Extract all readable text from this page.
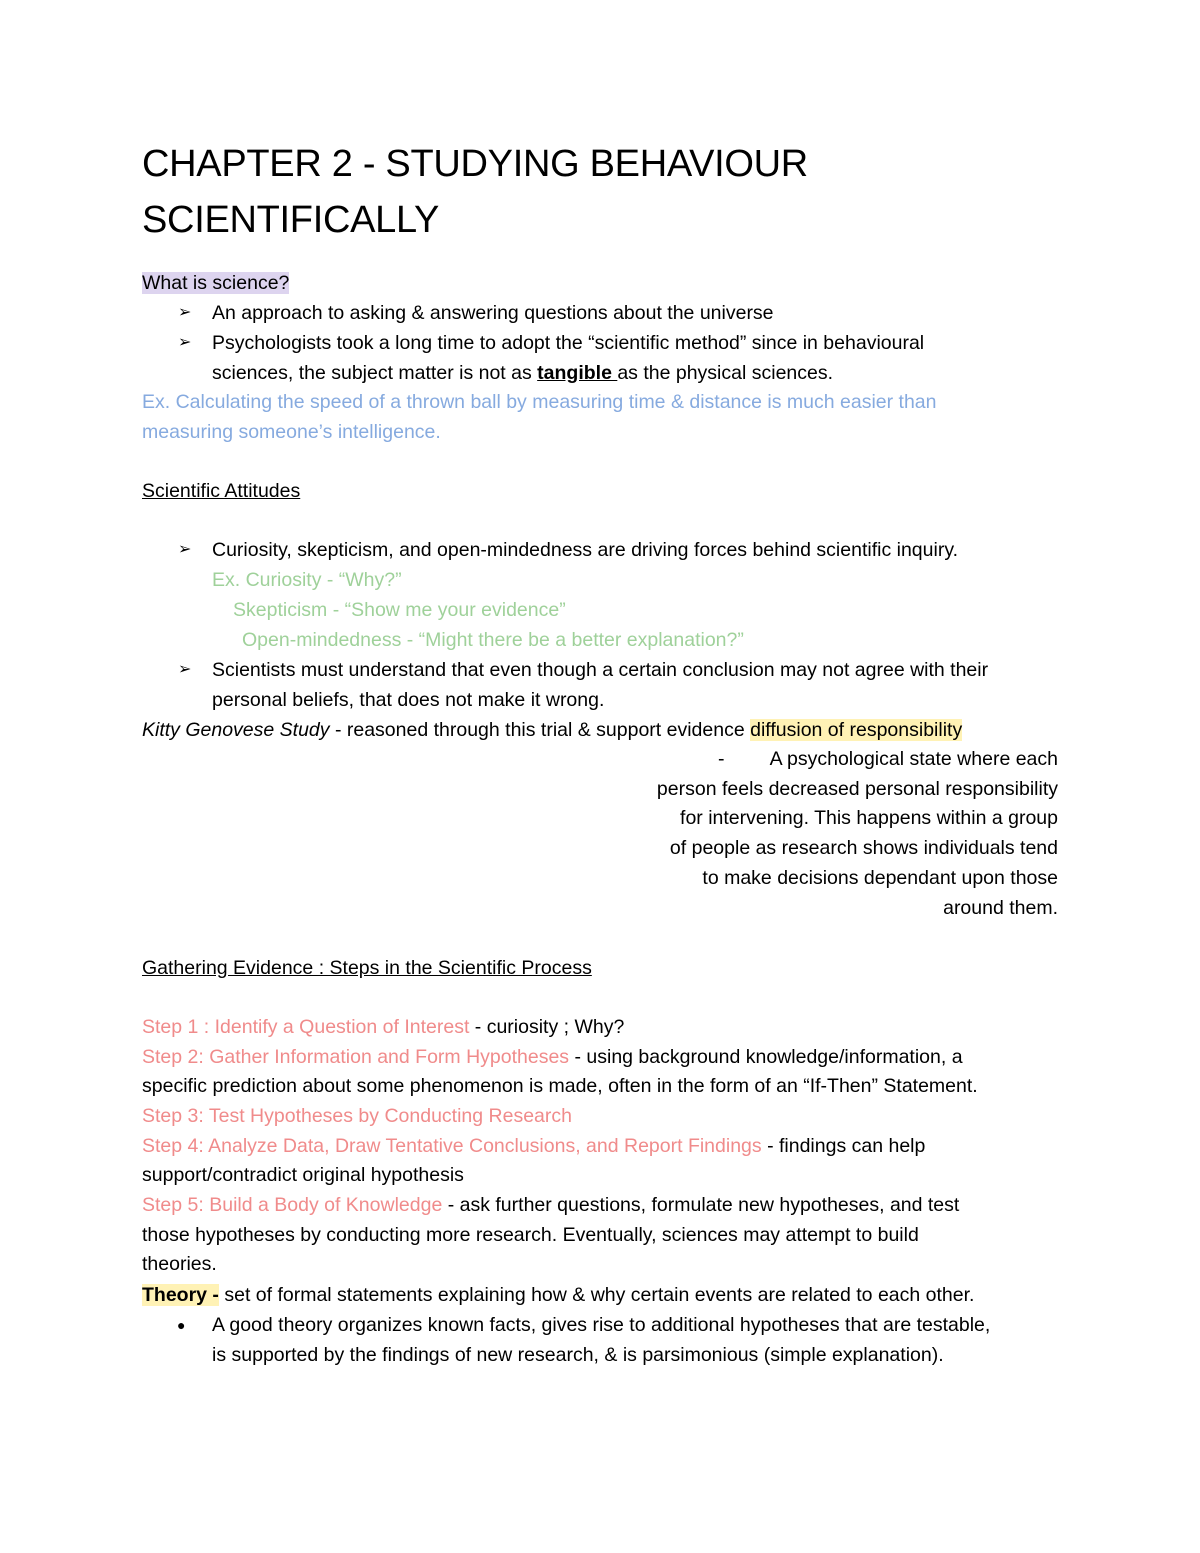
CHAPTER 2 - STUDYING BEHAVIOUR
SCIENTIFICALLY
What is science?
➢ An approach to asking & answering questions about the universe
➢ Psychologists took a long time to adopt the “scientific method” since in behavioural
sciences, the subject matter is not as tangible as the physical sciences.
Ex. Calculating the speed of a thrown ball by measuring time & distance is much easier than
measuring someone’s intelligence.
Scientific Attitudes
➢ Curiosity, skepticism, and open-mindedness are driving forces behind scientific inquiry.
Ex. Curiosity - “Why?”
Skepticism - “Show me your evidence”
Open-mindedness - “Might there be a better explanation?”
➢ Scientists must understand that even though a certain conclusion may not agree with their
personal beliefs, that does not make it wrong.
Kitty Genovese Study - reasoned through this trial & support evidence diffusion of responsibility
- A psychological state where each
person feels decreased personal responsibility
for intervening. This happens within a group
of people as research shows individuals tend
to make decisions dependant upon those
around them.
Gathering Evidence : Steps in the Scientific Process
Step 1 : Identify a Question of Interest - curiosity ; Why?
Step 2: Gather Information and Form Hypotheses - using background knowledge/information, a
specific prediction about some phenomenon is made, often in the form of an “If-Then” Statement.
Step 3: Test Hypotheses by Conducting Research
Step 4: Analyze Data, Draw Tentative Conclusions, and Report Findings - findings can help
support/contradict original hypothesis
Step 5: Build a Body of Knowledge - ask further questions, formulate new hypotheses, and test
those hypotheses by conducting more research. Eventually, sciences may attempt to build
theories.
Theory - set of formal statements explaining how & why certain events are related to each other.
● A good theory organizes known facts, gives rise to additional hypotheses that are testable,
is supported by the findings of new research, & is parsimonious (simple explanation).
